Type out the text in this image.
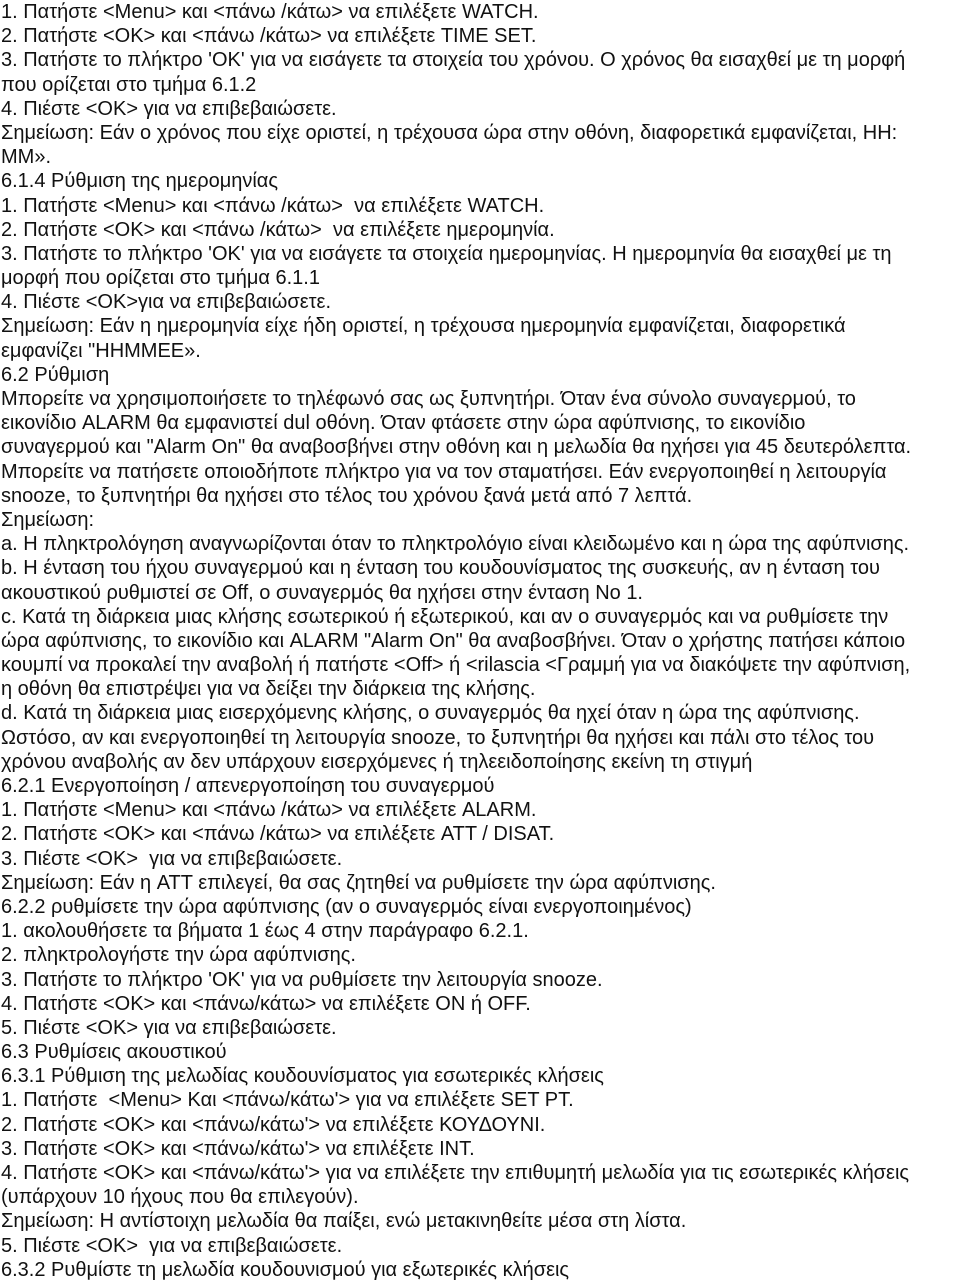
1. Πατήστε <Menu> και <πάνω /κάτω> να επιλέξετε WATCH.
2. Πατήστε <OK> και <πάνω /κάτω> να επιλέξετε TIME SET.
3. Πατήστε το πλήκτρο 'OK' για να εισάγετε τα στοιχεία του χρόνου. Ο χρόνος θα εισαχθεί με τη μορφή
που ορίζεται στο τμήμα 6.1.2
4. Πιέστε <OK> για να επιβεβαιώσετε.
Σημείωση: Εάν ο χρόνος που είχε οριστεί, η τρέχουσα ώρα στην οθόνη, διαφορετικά εμφανίζεται, HH:
MM».
6.1.4 Ρύθμιση της ημερομηνίας
1. Πατήστε <Menu> και <πάνω /κάτω>  να επιλέξετε WATCH.
2. Πατήστε <OK> και <πάνω /κάτω>  να επιλέξετε ημερομηνία.
3. Πατήστε το πλήκτρο 'OK' για να εισάγετε τα στοιχεία ημερομηνίας. Η ημερομηνία θα εισαχθεί με τη
μορφή που ορίζεται στο τμήμα 6.1.1
4. Πιέστε <OK>για να επιβεβαιώσετε.
Σημείωση: Εάν η ημερομηνία είχε ήδη οριστεί, η τρέχουσα ημερομηνία εμφανίζεται, διαφορετικά
εμφανίζει "HHMMEE».
6.2 Ρύθμιση
Μπορείτε να χρησιμοποιήσετε το τηλέφωνό σας ως ξυπνητήρι. Όταν ένα σύνολο συναγερμού, το
εικονίδιο ALARM θα εμφανιστεί dul οθόνη. Όταν φτάσετε στην ώρα αφύπνισης, το εικονίδιο
συναγερμού και "Alarm On" θα αναβοσβήνει στην οθόνη και η μελωδία θα ηχήσει για 45 δευτερόλεπτα.
Μπορείτε να πατήσετε οποιοδήποτε πλήκτρο για να τον σταματήσει. Εάν ενεργοποιηθεί η λειτουργία
snooze, το ξυπνητήρι θα ηχήσει στο τέλος του χρόνου ξανά μετά από 7 λεπτά.
Σημείωση:
a. Η πληκτρολόγηση αναγνωρίζονται όταν το πληκτρολόγιο είναι κλειδωμένο και η ώρα της αφύπνισης.
b. Η ένταση του ήχου συναγερμού και η ένταση του κουδουνίσματος της συσκευής, αν η ένταση του
ακουστικού ρυθμιστεί σε Off, ο συναγερμός θα ηχήσει στην ένταση Νο 1.
c. Κατά τη διάρκεια μιας κλήσης εσωτερικού ή εξωτερικού, και αν ο συναγερμός και να ρυθμίσετε την
ώρα αφύπνισης, το εικονίδιο και ALARM "Alarm On" θα αναβοσβήνει. Όταν ο χρήστης πατήσει κάποιο
κουμπί να προκαλεί την αναβολή ή πατήστε <Off> ή <rilascia <Γραμμή για να διακόψετε την αφύπνιση,
η οθόνη θα επιστρέψει για να δείξει την διάρκεια της κλήσης.
d. Κατά τη διάρκεια μιας εισερχόμενης κλήσης, ο συναγερμός θα ηχεί όταν η ώρα της αφύπνισης.
Ωστόσο, αν και ενεργοποιηθεί τη λειτουργία snooze, το ξυπνητήρι θα ηχήσει και πάλι στο τέλος του
χρόνου αναβολής αν δεν υπάρχουν εισερχόμενες ή τηλεειδοποίησης εκείνη τη στιγμή
6.2.1 Ενεργοποίηση / απενεργοποίηση του συναγερμού
1. Πατήστε <Menu> και <πάνω /κάτω> να επιλέξετε ALARM.
2. Πατήστε <OK> και <πάνω /κάτω> να επιλέξετε ATT / DISAT.
3. Πιέστε <OK>  για να επιβεβαιώσετε.
Σημείωση: Εάν η ATT επιλεγεί, θα σας ζητηθεί να ρυθμίσετε την ώρα αφύπνισης.
6.2.2 ρυθμίσετε την ώρα αφύπνισης (αν ο συναγερμός είναι ενεργοποιημένος)
1. ακολουθήσετε τα βήματα 1 έως 4 στην παράγραφο 6.2.1.
2. πληκτρολογήστε την ώρα αφύπνισης.
3. Πατήστε το πλήκτρο 'OK' για να ρυθμίσετε την λειτουργία snooze.
4. Πατήστε <OK> και <πάνω/κάτω> να επιλέξετε ON ή OFF.
5. Πιέστε <OK> για να επιβεβαιώσετε.
6.3 Ρυθμίσεις ακουστικού
6.3.1 Ρύθμιση της μελωδίας κουδουνίσματος για εσωτερικές κλήσεις
1. Πατήστε  <Menu> Και <πάνω/κάτω'> για να επιλέξετε SET PT.
2. Πατήστε <OK> και <πάνω/κάτω'> να επιλέξετε ΚΟΥΔΟΥΝΙ.
3. Πατήστε <OK> και <πάνω/κάτω'> να επιλέξετε INT.
4. Πατήστε <OK> και <πάνω/κάτω'> για να επιλέξετε την επιθυμητή μελωδία για τις εσωτερικές κλήσεις
(υπάρχουν 10 ήχους που θα επιλεγούν).
Σημείωση: Η αντίστοιχη μελωδία θα παίξει, ενώ μετακινηθείτε μέσα στη λίστα.
5. Πιέστε <OK>  για να επιβεβαιώσετε.
6.3.2 Ρυθμίστε τη μελωδία κουδουνισμού για εξωτερικές κλήσεις
